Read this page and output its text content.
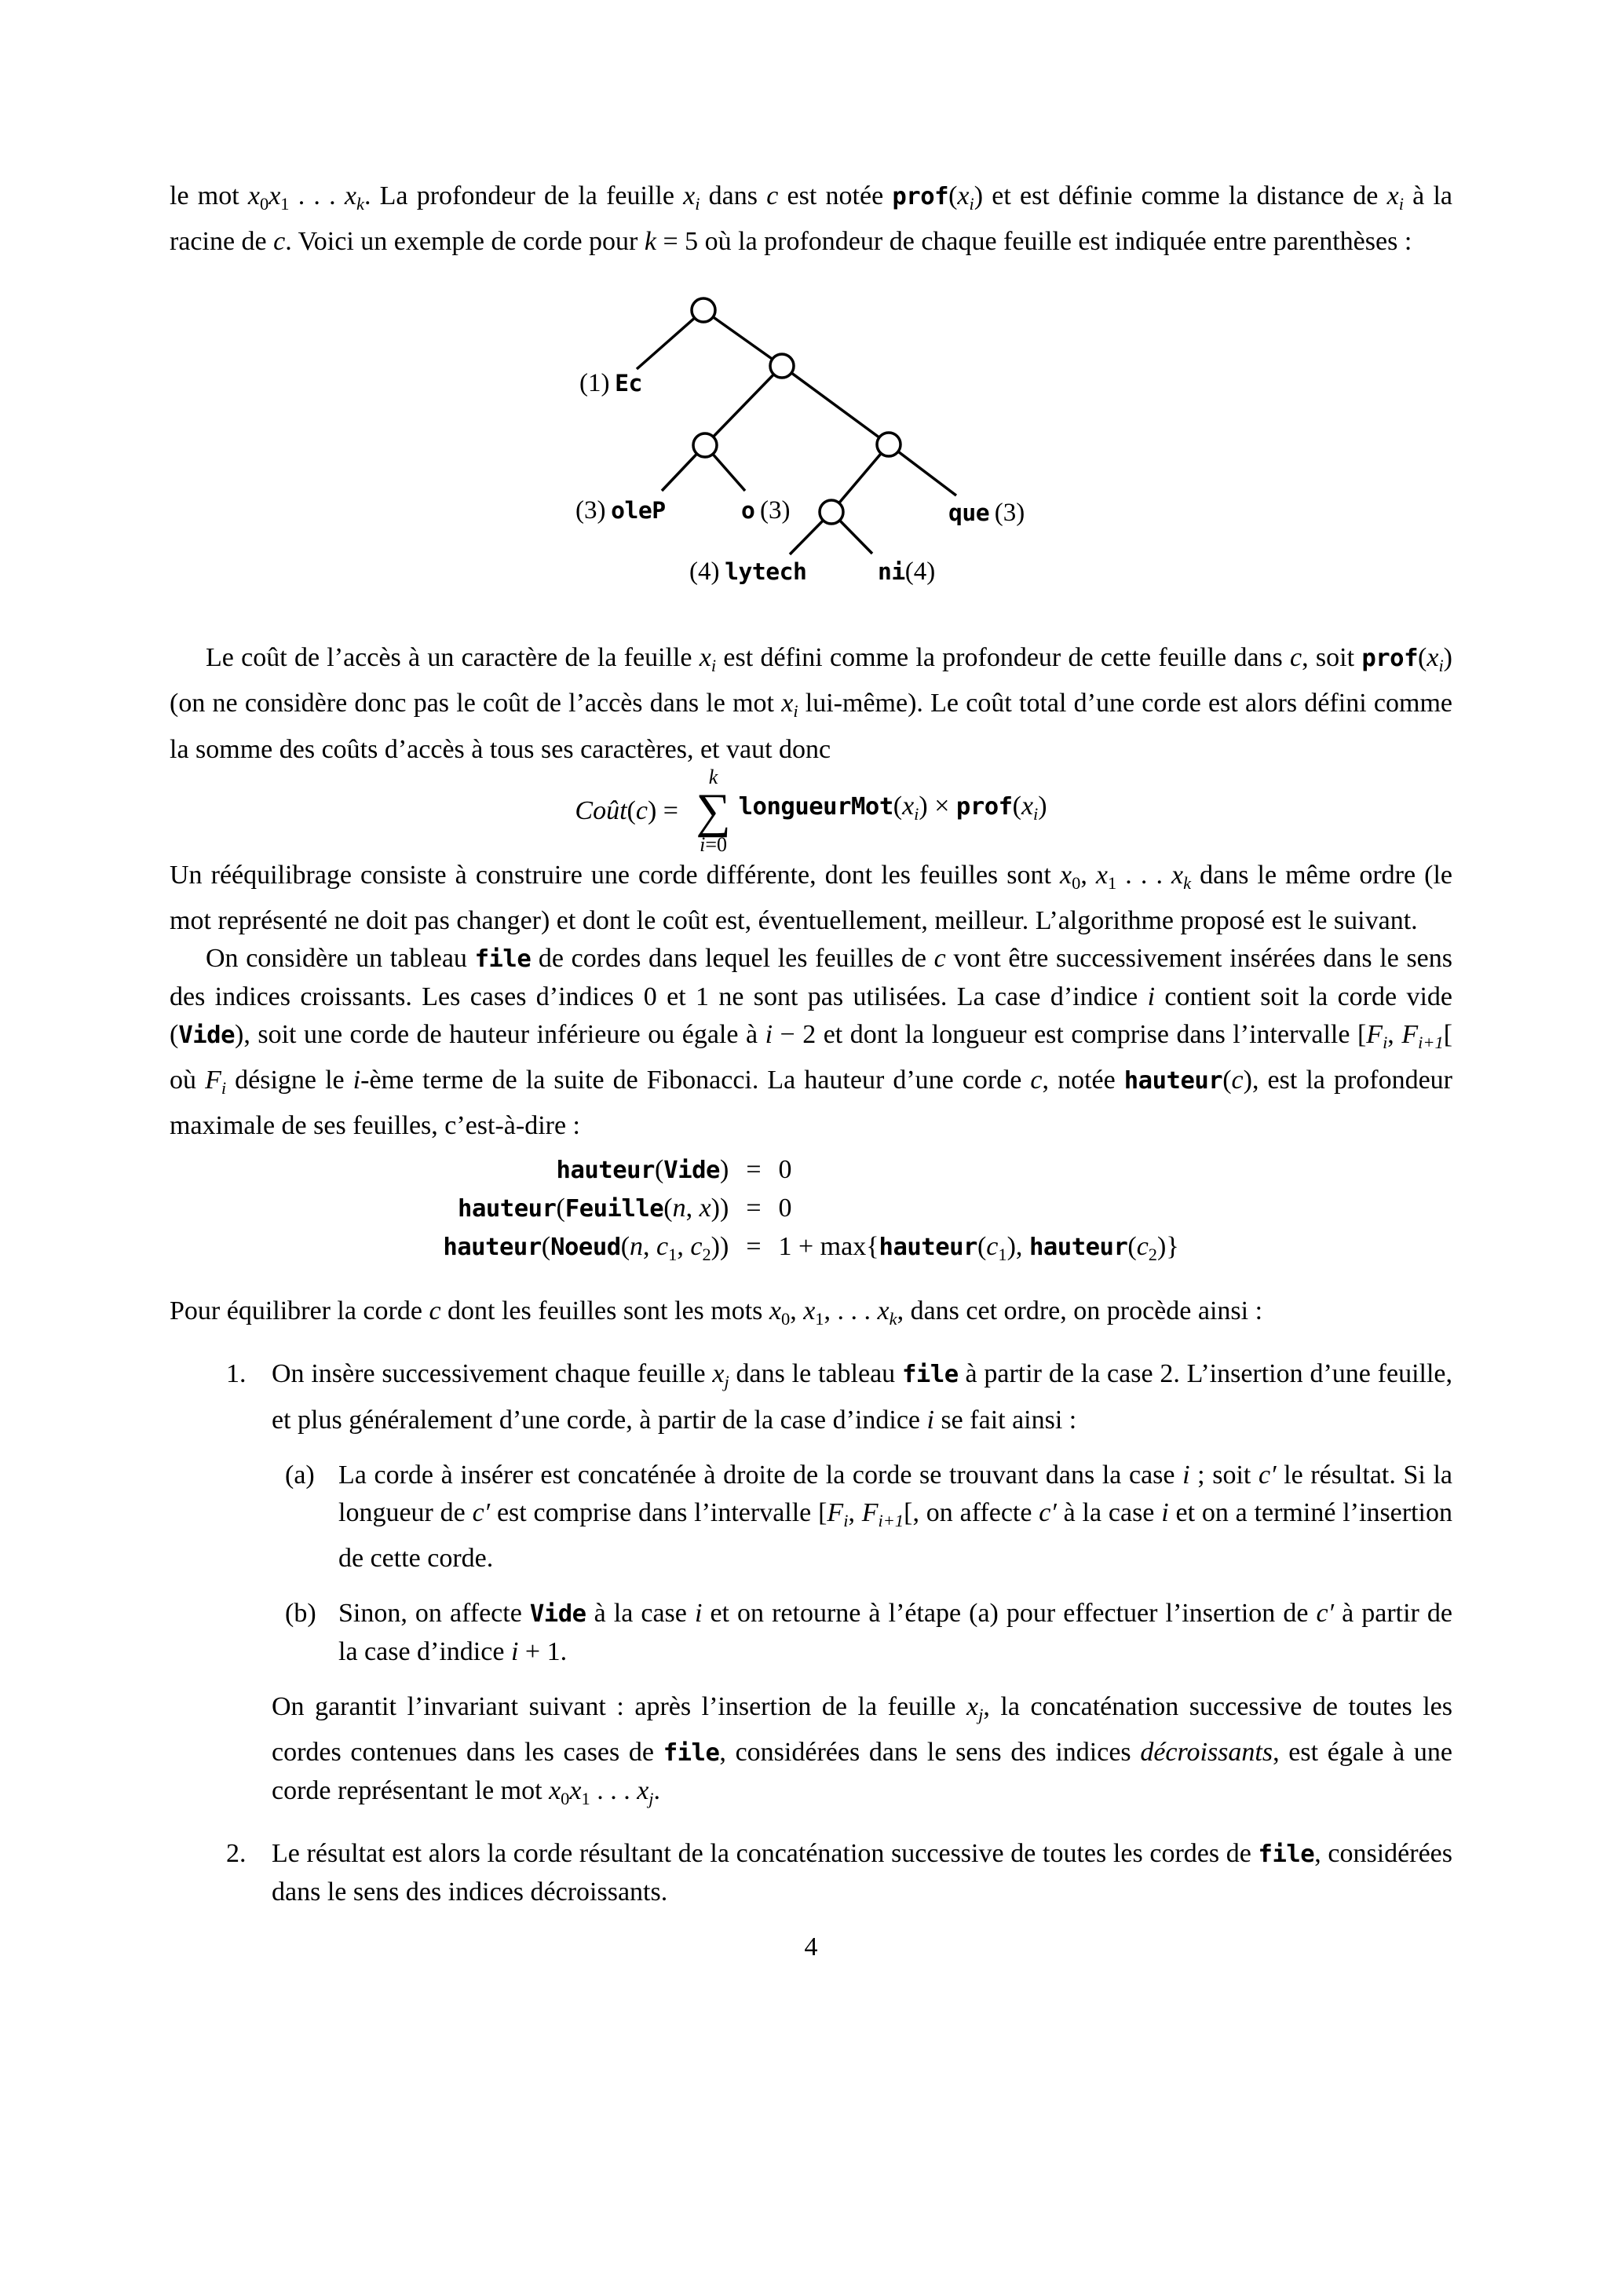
le mot $x_0x_1$ . . . $x_k$. La profondeur de la feuille $x_i$ dans c est notée $prof(x_i)$ et est définie comme la distance de $x_i$ à la racine de c. Voici un exemple de corde pour k = 5 où la profondeur de chaque feuille est indiquée entre parenthèses :

(1) Ec
(3) oleP	o (3)	que (3)
(4) lytech	ni(4)

Le coût de l’accès à un caractère de la feuille $x_i$ est défini comme la profondeur de cette feuille dans c, soit $prof(x_i)$ (on ne considère donc pas le coût de l’accès dans le mot $x_i$ lui-même). Le coût total d’une corde est alors défini comme la somme des coûts d’accès à tous ses caractères, et vaut donc

Coût(c) =
k
∑
i=0
$longueurMot(x_i)$ × $prof(x_i)$

Un rééquilibrage consiste à construire une corde différente, dont les feuilles sont $x_0$, $x_1$ . . . $x_k$ dans le même ordre (le mot représenté ne doit pas changer) et dont le coût est, éventuellement, meilleur. L’algorithme proposé est le suivant.

On considère un tableau file de cordes dans lequel les feuilles de c vont être successivement insérées dans le sens des indices croissants. Les cases d’indices 0 et 1 ne sont pas utilisées. La case d’indice i contient soit la corde vide (Vide), soit une corde de hauteur inférieure ou égale à i − 2 et dont la longueur est comprise dans l’intervalle [$F_i$, $F_{i+1}$[ où $F_i$ désigne le i-ème terme de la suite de Fibonacci. La hauteur d’une corde c, notée hauteur(c), est la profondeur maximale de ses feuilles, c’est-à-dire :

hauteur(Vide) = 0
hauteur(Feuille(n, x)) = 0
hauteur(Noeud(n, $c_1$, $c_2)) = 1$ + $\max\{hauteur(c_1)$, $hauteur(c_2)$}

Pour équilibrer la corde c dont les feuilles sont les mots $x_0$, $x_1$, . . . $x_k$, dans cet ordre, on procède ainsi :

1. On insère successivement chaque feuille $x_j$ dans le tableau file à partir de la case 2. L’insertion d’une feuille, et plus généralement d’une corde, à partir de la case d’indice i se fait ainsi :
(a) La corde à insérer est concaténée à droite de la corde se trouvant dans la case i ; soit c′ le résultat. Si la longueur de c′ est comprise dans l’intervalle [$F_i$, $F_{i+1}$[, on affecte c′ à la case i et on a terminé l’insertion de cette corde.
(b) Sinon, on affecte Vide à la case i et on retourne à l’étape (a) pour effectuer l’insertion de c′ à partir de la case d’indice i + 1.

On garantit l’invariant suivant : après l’insertion de la feuille $x_j$, la concaténation successive de toutes les cordes contenues dans les cases de file, considérées dans le sens des indices décroissants, est égale à une corde représentant le mot $x_0x_1$ . . . $x_j$.

2. Le résultat est alors la corde résultant de la concaténation successive de toutes les cordes de file, considérées dans le sens des indices décroissants.
4
